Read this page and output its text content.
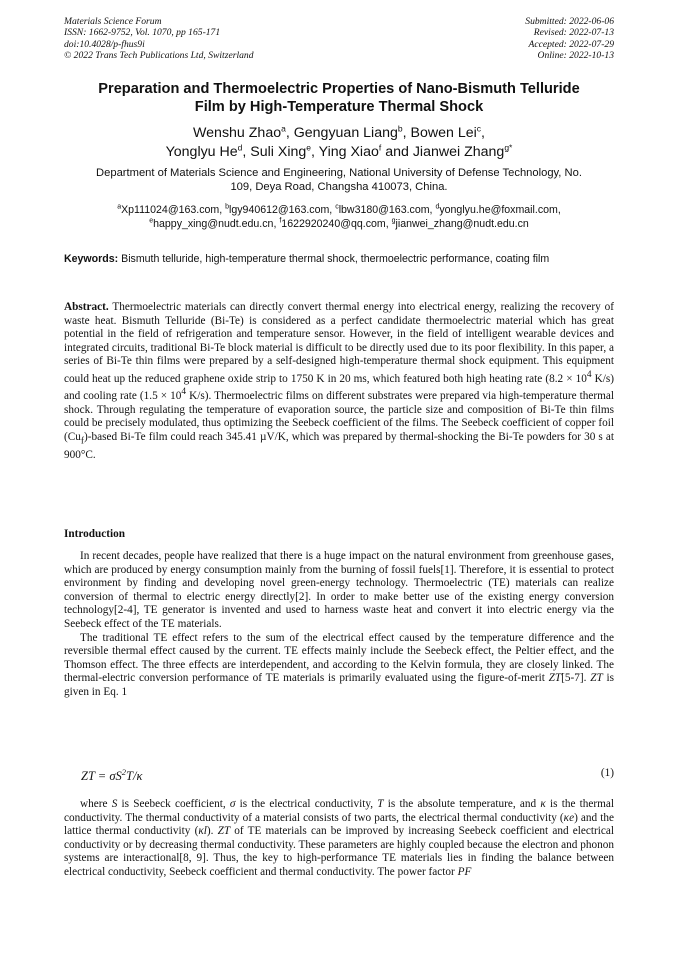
Materials Science Forum
ISSN: 1662-9752, Vol. 1070, pp 165-171
doi:10.4028/p-fhus9i
© 2022 Trans Tech Publications Ltd, Switzerland
Submitted: 2022-06-06
Revised: 2022-07-13
Accepted: 2022-07-29
Online: 2022-10-13
Preparation and Thermoelectric Properties of Nano-Bismuth Telluride
Film by High-Temperature Thermal Shock
Wenshu Zhao$^a$, Gengyuan Liang$^b$, Bowen Lei$^c$,
Yonglyu He$^d$, Suli Xing$^e$, Ying Xiao$^f$ and Jianwei Zhang$^{g*}$
Department of Materials Science and Engineering, National University of Defense Technology, No.
109, Deya Road, Changsha 410073, China.
$^a$Xp111024@163.com, $^b$lgy940612@163.com, $^c$lbw3180@163.com, $^d$yonglyu.he@foxmail.com,
$^e$happy_xing@nudt.edu.cn, $^f$1622920240@qq.com, $^g$jianwei_zhang@nudt.edu.cn
Keywords: Bismuth telluride, high-temperature thermal shock, thermoelectric performance, coating film
Abstract. Thermoelectric materials can directly convert thermal energy into electrical energy, realizing the recovery of waste heat. Bismuth Telluride (Bi-Te) is considered as a perfect candidate thermoelectric material which has great potential in the field of refrigeration and temperature sensor. However, in the field of intelligent wearable devices and integrated circuits, traditional Bi-Te block material is difficult to be directly used due to its poor flexibility. In this paper, a series of Bi-Te thin films were prepared by a self-designed high-temperature thermal shock equipment. This equipment could heat up the reduced graphene oxide strip to 1750 K in 20 ms, which featured both high heating rate ($8.2 \times 10^4$ K/s) and cooling rate ($1.5 \times 10^4$ K/s). Thermoelectric films on different substrates were prepared via high-temperature thermal shock. Through regulating the temperature of evaporation source, the particle size and composition of Bi-Te thin films could be precisely modulated, thus optimizing the Seebeck coefficient of the films. The Seebeck coefficient of copper foil $(Cu_f)$-based Bi-Te film could reach 345.41 µV/K, which was prepared by thermal-shocking the Bi-Te powders for 30 s at 900°C.
Introduction

In recent decades, people have realized that there is a huge impact on the natural environment from greenhouse gases, which are produced by energy consumption mainly from the burning of fossil fuels[1]. Therefore, it is essential to protect environment by finding and developing novel green-energy technology. Thermoelectric (TE) materials can realize conversion of thermal to electric energy directly[2]. In order to make better use of the existing energy conversion technology[2-4], TE generator is invented and used to harness waste heat and convert it into electric energy via the Seebeck effect of the TE materials.

The traditional TE effect refers to the sum of the electrical effect caused by the temperature difference and the reversible thermal effect caused by the current. TE effects mainly include the Seebeck effect, the Peltier effect, and the Thomson effect. The three effects are interdependent, and according to the Kelvin formula, they are closely linked. The thermal-electric conversion performance of TE materials is primarily evaluated using the figure-of-merit ZT[5-7]. ZT is given in Eq. 1

ZT = $\sigma S^2T/\kappa$	(1)

where S is Seebeck coefficient, σ is the electrical conductivity, T is the absolute temperature, and κ is the thermal conductivity. The thermal conductivity of a material consists of two parts, the electrical thermal conductivity (κe) and the lattice thermal conductivity (κl). ZT of TE materials can be improved by increasing Seebeck coefficient and electrical conductivity or by decreasing thermal conductivity. These parameters are highly coupled because the electron and phonon systems are interactional[8, 9]. Thus, the key to high-performance TE materials lies in finding the balance between electrical conductivity, Seebeck coefficient and thermal conductivity. The power factor PF
